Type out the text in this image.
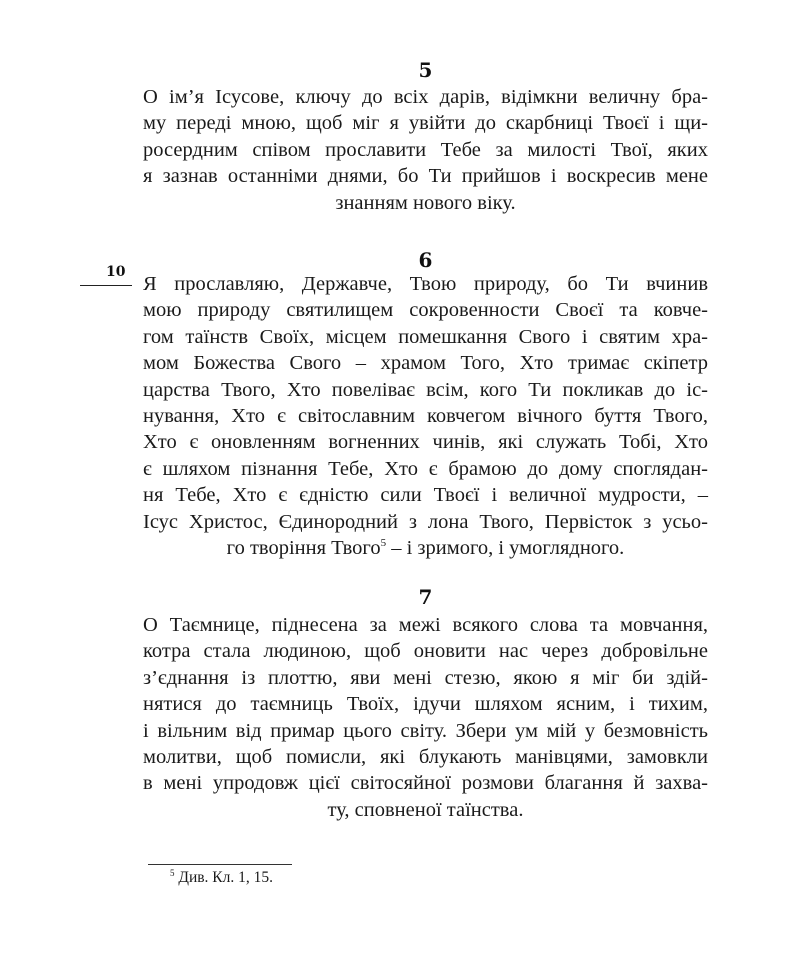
5
О ім’я Ісусове, ключу до всіх дарів, відімкни величну бра-
му переді мною, щоб міг я увійти до скарбниці Твоєї і щи-
росердним співом прославити Тебе за милості Твої, яких
я зазнав останніми днями, бо Ти прийшов і воскресив мене
знанням нового віку.
10	6
Я прославляю, Державче, Твою природу, бо Ти вчинив
мою природу святилищем сокровенности Своєї та ковче-
гом таїнств Своїх, місцем помешкання Свого і святим хра-
мом Божества Свого – храмом Того, Хто тримає скіпетр
царства Твого, Хто повеліває всім, кого Ти покликав до іс-
нування, Хто є світославним ковчегом вічного буття Твого,
Хто є оновленням вогненних чинів, які служать Тобі, Хто
є шляхом пізнання Тебе, Хто є брамою до дому споглядан-
ня Тебе, Хто є єдністю сили Твоєї і величної мудрости, –
Ісус Христос, Єдинородний з лона Твого, Первісток з усьо-
го творіння Твого$^5$ – і зримого, і умоглядного.
7
О Таємнице, піднесена за межі всякого слова та мовчання,
котра стала людиною, щоб оновити нас через добровільне
з’єднання із плоттю, яви мені стезю, якою я міг би здій-
нятися до таємниць Твоїх, ідучи шляхом ясним, і тихим,
і вільним від примар цього світу. Збери ум мій у безмовність
молитви, щоб помисли, які блукають манівцями, замовкли
в мені упродовж цієї світосяйної розмови благання й захва-
ту, сповненої таїнства.
$^5$ Див. Кл. 1, 15.
